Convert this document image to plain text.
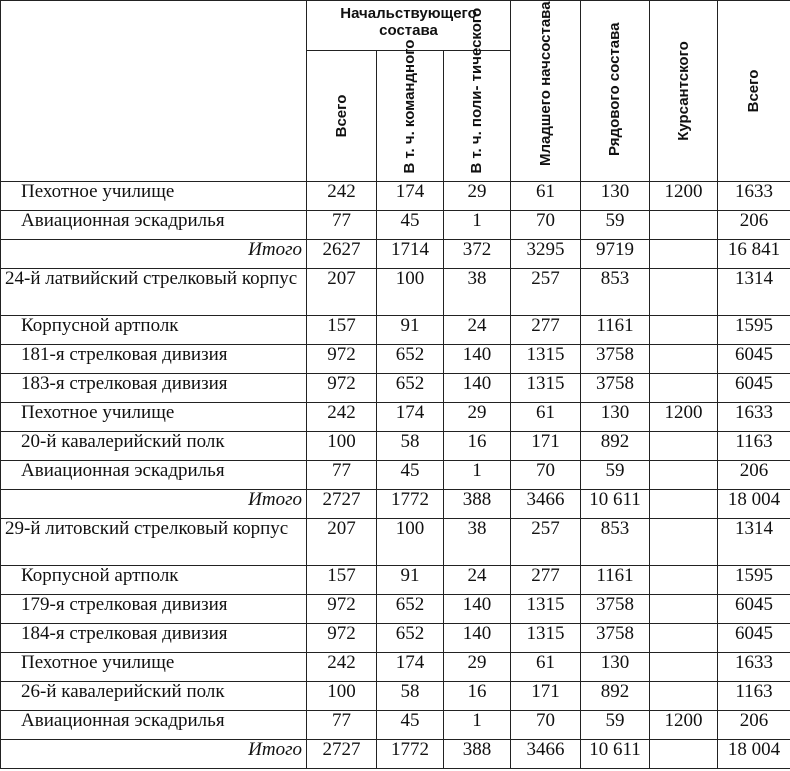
	Начальствующего состава			Младшего начсостава	Рядового состава	Курсантского	Всего

	Всего	В т. ч. командного	В т. ч. поли- тического				

Пехотное училище	242	174	29	61	130	1200	1633
Авиационная эскадрилья	77	45	1	70	59		206
Итого	2627	1714	372	3295	9719		16 841
24-й латвийский стрелковый корпус	207	100	38	257	853		1314
Корпусной артполк	157	91	24	277	1161		1595
181-я стрелковая дивизия	972	652	140	1315	3758		6045
183-я стрелковая дивизия	972	652	140	1315	3758		6045
Пехотное училище	242	174	29	61	130	1200	1633
20-й кавалерийский полк	100	58	16	171	892		1163
Авиационная эскадрилья	77	45	1	70	59		206
Итого	2727	1772	388	3466	10 611		18 004
29-й литовский стрелковый корпус	207	100	38	257	853		1314
Корпусной артполк	157	91	24	277	1161		1595
179-я стрелковая дивизия	972	652	140	1315	3758		6045
184-я стрелковая дивизия	972	652	140	1315	3758		6045
Пехотное училище	242	174	29	61	130		1633
26-й кавалерийский полк	100	58	16	171	892		1163
Авиационная эскадрилья	77	45	1	70	59	1200	206
Итого	2727	1772	388	3466	10 611		18 004
